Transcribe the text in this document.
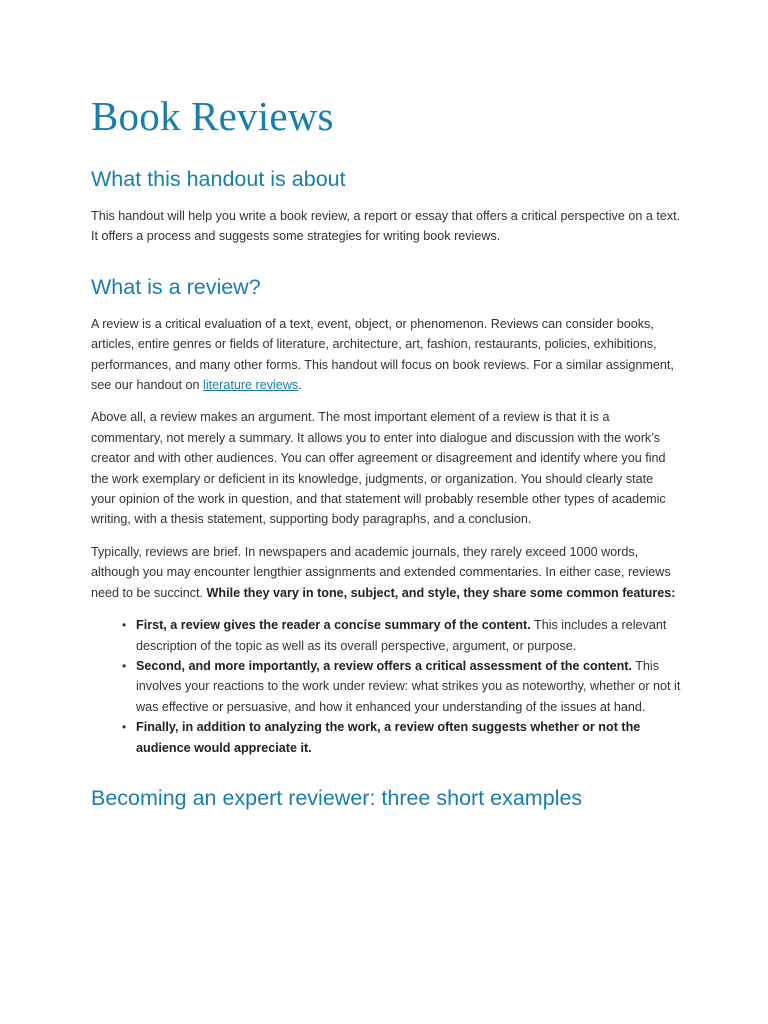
Book Reviews
What this handout is about

This handout will help you write a book review, a report or essay that offers a critical perspective on a text. It offers a process and suggests some strategies for writing book reviews.

What is a review?

A review is a critical evaluation of a text, event, object, or phenomenon. Reviews can consider books, articles, entire genres or fields of literature, architecture, art, fashion, restaurants, policies, exhibitions, performances, and many other forms. This handout will focus on book reviews. For a similar assignment, see our handout on literature reviews.

Above all, a review makes an argument. The most important element of a review is that it is a commentary, not merely a summary. It allows you to enter into dialogue and discussion with the work’s creator and with other audiences. You can offer agreement or disagreement and identify where you find the work exemplary or deficient in its knowledge, judgments, or organization. You should clearly state your opinion of the work in question, and that statement will probably resemble other types of academic writing, with a thesis statement, supporting body paragraphs, and a conclusion.

Typically, reviews are brief. In newspapers and academic journals, they rarely exceed 1000 words, although you may encounter lengthier assignments and extended commentaries. In either case, reviews need to be succinct. While they vary in tone, subject, and style, they share some common features:

• First, a review gives the reader a concise summary of the content. This includes a relevant description of the topic as well as its overall perspective, argument, or purpose.
• Second, and more importantly, a review offers a critical assessment of the content. This involves your reactions to the work under review: what strikes you as noteworthy, whether or not it was effective or persuasive, and how it enhanced your understanding of the issues at hand.
• Finally, in addition to analyzing the work, a review often suggests whether or not the audience would appreciate it.
Becoming an expert reviewer: three short examples
